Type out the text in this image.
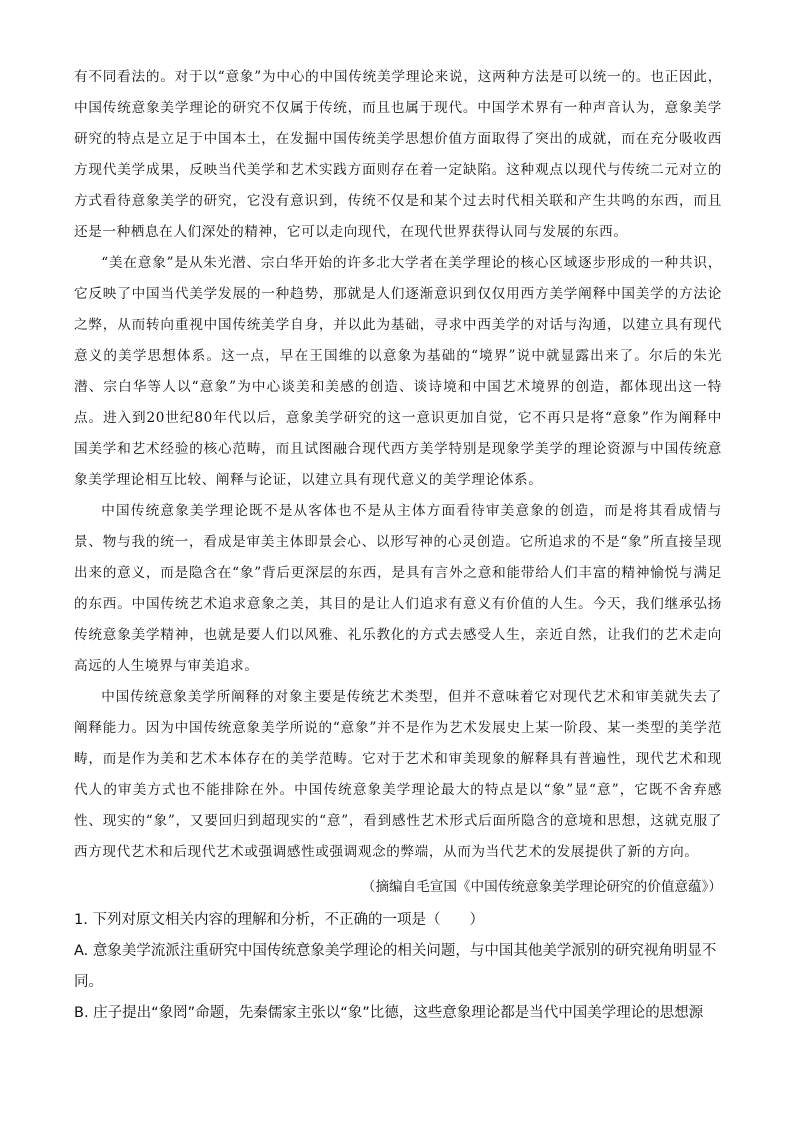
有不同看法的。对于以“意象”为中心的中国传统美学理论来说，这两种方法是可以统一的。也正因此，中国传统意象美学理论的研究不仅属于传统，而且也属于现代。中国学术界有一种声音认为，意象美学研究的特点是立足于中国本土，在发掘中国传统美学思想价值方面取得了突出的成就，而在充分吸收西方现代美学成果，反映当代美学和艺术实践方面则存在着一定缺陷。这种观点以现代与传统二元对立的方式看待意象美学的研究，它没有意识到，传统不仅是和某个过去时代相关联和产生共鸣的东西，而且还是一种栖息在人们深处的精神，它可以走向现代，在现代世界获得认同与发展的东西。

“美在意象”是从朱光潜、宗白华开始的许多北大学者在美学理论的核心区域逐步形成的一种共识，它反映了中国当代美学发展的一种趋势，那就是人们逐渐意识到仅仅用西方美学阐释中国美学的方法论之弊，从而转向重视中国传统美学自身，并以此为基础，寻求中西美学的对话与沟通，以建立具有现代意义的美学思想体系。这一点，早在王国维的以意象为基础的“境界”说中就显露出来了。尔后的朱光潜、宗白华等人以“意象”为中心谈美和美感的创造、谈诗境和中国艺术境界的创造，都体现出这一特点。进入到20世纪80年代以后，意象美学研究的这一意识更加自觉，它不再只是将“意象”作为阐释中国美学和艺术经验的核心范畴，而且试图融合现代西方美学特别是现象学美学的理论资源与中国传统意象美学理论相互比较、阐释与论证，以建立具有现代意义的美学理论体系。

中国传统意象美学理论既不是从客体也不是从主体方面看待审美意象的创造，而是将其看成情与景、物与我的统一，看成是审美主体即景会心、以形写神的心灵创造。它所追求的不是“象”所直接呈现出来的意义，而是隐含在“象”背后更深层的东西，是具有言外之意和能带给人们丰富的精神愉悦与满足的东西。中国传统艺术追求意象之美，其目的是让人们追求有意义有价值的人生。今天，我们继承弘扬传统意象美学精神，也就是要人们以风雅、礼乐教化的方式去感受人生，亲近自然，让我们的艺术走向高远的人生境界与审美追求。

中国传统意象美学所阐释的对象主要是传统艺术类型，但并不意味着它对现代艺术和审美就失去了阐释能力。因为中国传统意象美学所说的“意象”并不是作为艺术发展史上某一阶段、某一类型的美学范畴，而是作为美和艺术本体存在的美学范畴。它对于艺术和审美现象的解释具有普遍性，现代艺术和现代人的审美方式也不能排除在外。中国传统意象美学理论最大的特点是以“象”显“意”，它既不舍弃感性、现实的“象”，又要回归到超现实的“意”，看到感性艺术形式后面所隐含的意境和思想，这就克服了西方现代艺术和后现代艺术或强调感性或强调观念的弊端，从而为当代艺术的发展提供了新的方向。

（摘编自毛宣国《中国传统意象美学理论研究的价值意蕴》）

1. 下列对原文相关内容的理解和分析，不正确的一项是（　　）

A. 意象美学流派注重研究中国传统意象美学理论的相关问题，与中国其他美学派别的研究视角明显不同。

B. 庄子提出“象罔”命题，先秦儒家主张以“象”比德，这些意象理论都是当代中国美学理论的思想源
